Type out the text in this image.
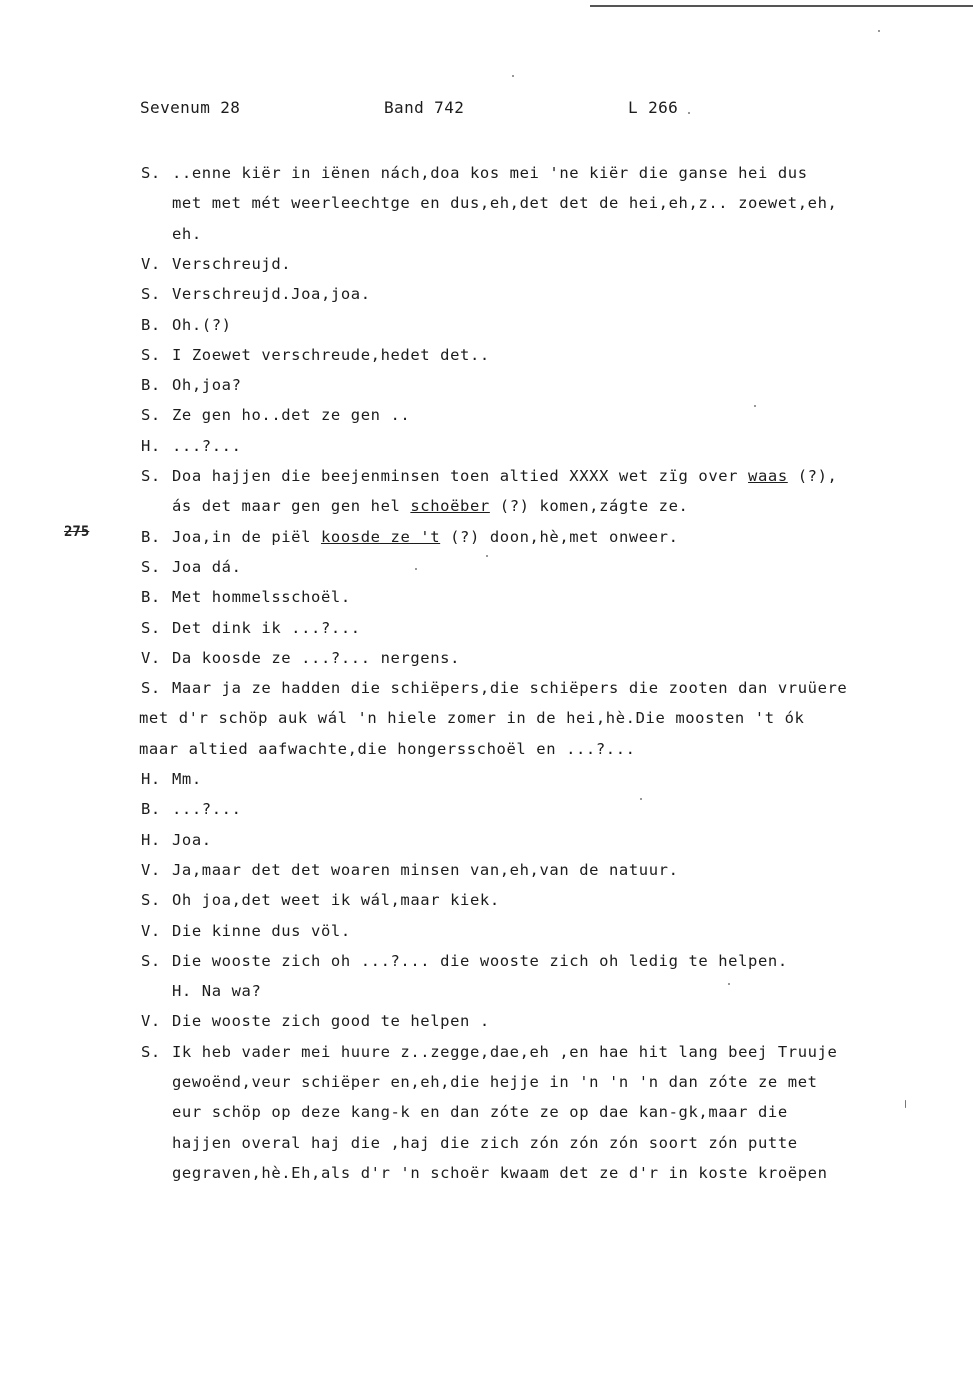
Sevenum 28	Band 742	L 266
275
S. ..enne kiër in iënen nách,doa kos mei 'ne kiër die ganse hei dus
met met mét weerleechtge en dus,eh,det det de hei,eh,z.. zoewet,eh,
eh.
V. Verschreujd.
S. Verschreujd.Joa,joa.
B. Oh.(?)
S. I Zoewet verschreude,hedet det..
B. Oh,joa?
S. Ze gen ho..det ze gen ..
H. ...?...
S. Doa hajjen die beejenminsen toen altied XXXX wet zïg over waas (?),
ás det maar gen gen hel schoëber (?) komen,zágte ze.
B. Joa,in de piël koosde ze 't (?) doon,hè,met onweer.
S. Joa dá.
B. Met hommelsschoël.
S. Det dink ik ...?...
V. Da koosde ze ...?... nergens.
S. Maar ja ze hadden die schiëpers,die schiëpers die zooten dan vruüere
met d'r schöp auk wál 'n hiele zomer in de hei,hè.Die moosten 't ók
maar altied aafwachte,die hongersschoël en ...?...
H. Mm.
B. ...?...
H. Joa.
V. Ja,maar det det woaren minsen van,eh,van de natuur.
S. Oh joa,det weet ik wál,maar kiek.
V. Die kinne dus völ.
S. Die wooste zich oh ...?... die wooste zich oh ledig te helpen.
H. Na wa?
V. Die wooste zich good te helpen .
S. Ik heb vader mei huure z..zegge,dae,eh ,en hae hit lang beej Truuje
gewoënd,veur schiëper en,eh,die hejje in 'n 'n 'n dan zóte ze met
eur schöp op deze kang-k en dan zóte ze op dae kan-gk,maar die
hajjen overal haj die ,haj die zich zón zón zón soort zón putte
gegraven,hè.Eh,als d'r 'n schoër kwaam det ze d'r in koste kroëpen
